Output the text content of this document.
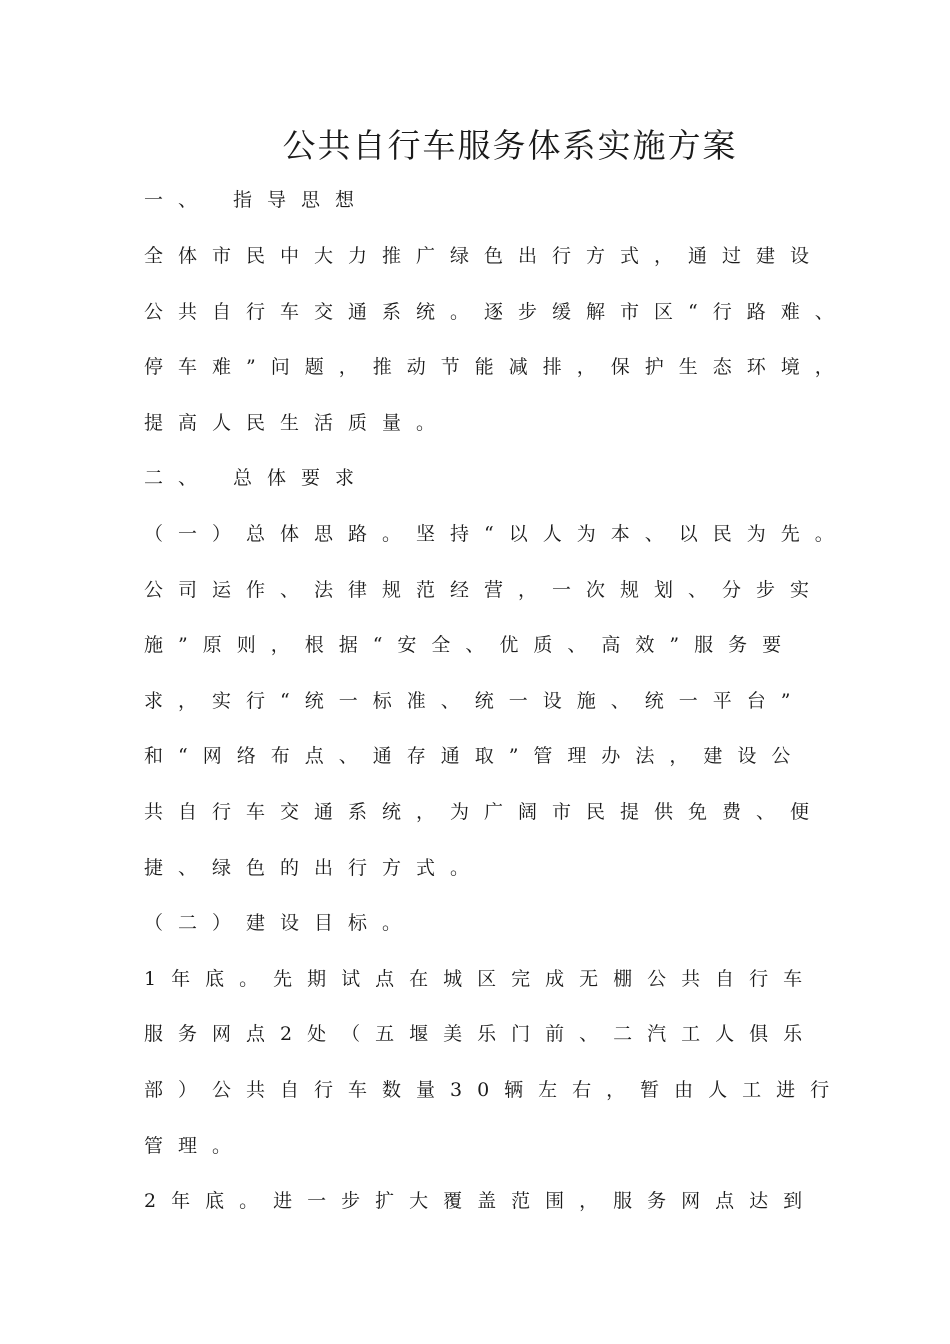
公共自行车服务体系实施方案

一、 指导思想

全体市民中大力推广绿色出行方式，通过建设

公共自行车交通系统。逐步缓解市区“行路难、

停车难”问题，推动节能减排，保护生态环境，

提高人民生活质量。

二、 总体要求

（一）总体思路。坚持“以人为本、以民为先。

公司运作、法律规范经营，一次规划、分步实

施”原则，根据“安全、优质、高效”服务要

求，实行“统一标准、统一设施、统一平台”

和“网络布点、通存通取”管理办法，建设公

共自行车交通系统，为广阔市民提供免费、便

捷、绿色的出行方式。

（二）建设目标。

1年底。先期试点在城区完成无棚公共自行车

服务网点2处（五堰美乐门前、二汽工人俱乐

部）公共自行车数量30辆左右，暂由人工进行

管理。

2年底。进一步扩大覆盖范围，服务网点达到
